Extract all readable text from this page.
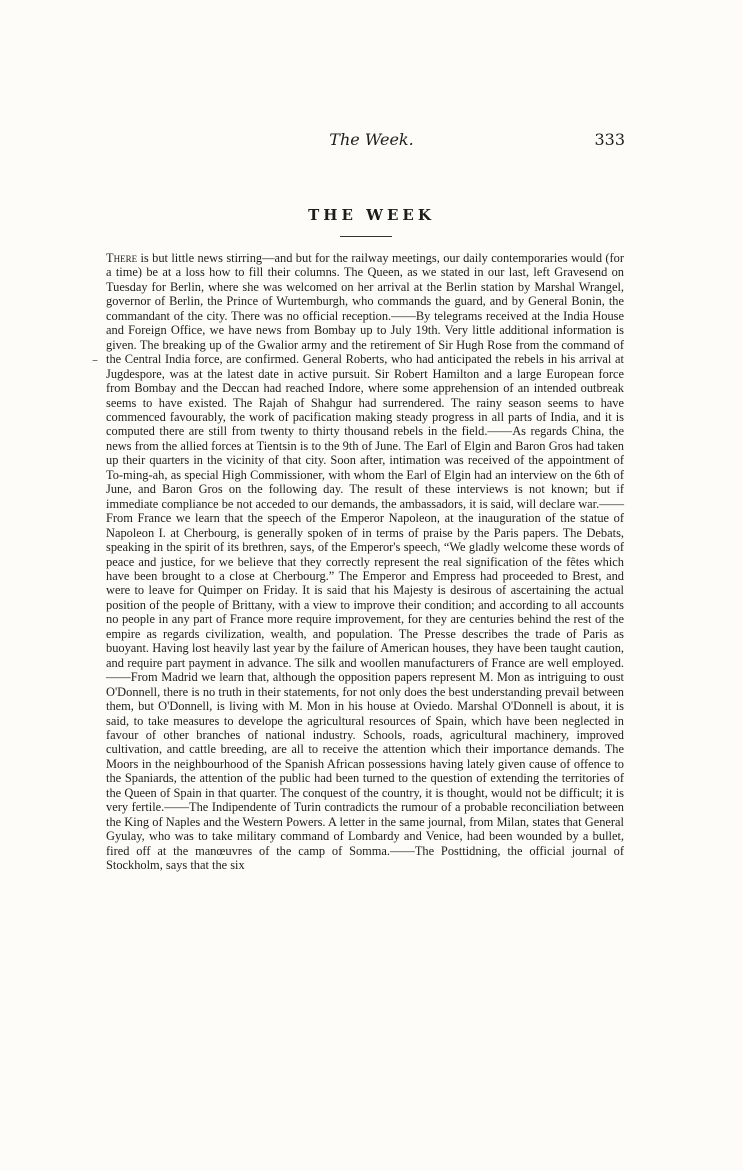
The Week.	333
THE WEEK
–

There is but little news stirring—and but for the railway meetings, our daily contemporaries would (for a time) be at a loss how to fill their columns. The Queen, as we stated in our last, left Gravesend on Tuesday for Berlin, where she was welcomed on her arrival at the Berlin station by Marshal Wrangel, governor of Berlin, the Prince of Wurtemburgh, who commands the guard, and by General Bonin, the commandant of the city. There was no official reception.——By telegrams received at the India House and Foreign Office, we have news from Bombay up to July 19th. Very little additional information is given. The breaking up of the Gwalior army and the retirement of Sir Hugh Rose from the command of the Central India force, are confirmed. General Roberts, who had anticipated the rebels in his arrival at Jugdespore, was at the latest date in active pursuit. Sir Robert Hamilton and a large European force from Bombay and the Deccan had reached Indore, where some apprehension of an intended outbreak seems to have existed. The Rajah of Shahgur had surrendered. The rainy season seems to have commenced favourably, the work of pacification making steady progress in all parts of India, and it is computed there are still from twenty to thirty thousand rebels in the field.——As regards China, the news from the allied forces at Tientsin is to the 9th of June. The Earl of Elgin and Baron Gros had taken up their quarters in the vicinity of that city. Soon after, intimation was received of the appointment of To-ming-ah, as special High Commissioner, with whom the Earl of Elgin had an interview on the 6th of June, and Baron Gros on the following day. The result of these interviews is not known; but if immediate compliance be not acceded to our demands, the ambassadors, it is said, will declare war.——From France we learn that the speech of the Emperor Napoleon, at the inauguration of the statue of Napoleon I. at Cherbourg, is generally spoken of in terms of praise by the Paris papers. The Debats, speaking in the spirit of its brethren, says, of the Emperor's speech, “We gladly welcome these words of peace and justice, for we believe that they correctly represent the real signification of the fêtes which have been brought to a close at Cherbourg.” The Emperor and Empress had proceeded to Brest, and were to leave for Quimper on Friday. It is said that his Majesty is desirous of ascertaining the actual position of the people of Brittany, with a view to improve their condition; and according to all accounts no people in any part of France more require improvement, for they are centuries behind the rest of the empire as regards civilization, wealth, and population. The Presse describes the trade of Paris as buoyant. Having lost heavily last year by the failure of American houses, they have been taught caution, and require part payment in advance. The silk and woollen manufacturers of France are well employed.——From Madrid we learn that, although the opposition papers represent M. Mon as intriguing to oust O'Donnell, there is no truth in their statements, for not only does the best understanding prevail between them, but O'Donnell, is living with M. Mon in his house at Oviedo. Marshal O'Donnell is about, it is said, to take measures to develope the agricultural resources of Spain, which have been neglected in favour of other branches of national industry. Schools, roads, agricultural machinery, improved cultivation, and cattle breeding, are all to receive the attention which their importance demands. The Moors in the neighbourhood of the Spanish African possessions having lately given cause of offence to the Spaniards, the attention of the public had been turned to the question of extending the territories of the Queen of Spain in that quarter. The conquest of the country, it is thought, would not be difficult; it is very fertile.——The Indipendente of Turin contradicts the rumour of a probable reconciliation between the King of Naples and the Western Powers. A letter in the same journal, from Milan, states that General Gyulay, who was to take military command of Lombardy and Venice, had been wounded by a bullet, fired off at the manœuvres of the camp of Somma.——The Posttidning, the official journal of Stockholm, says that the six
